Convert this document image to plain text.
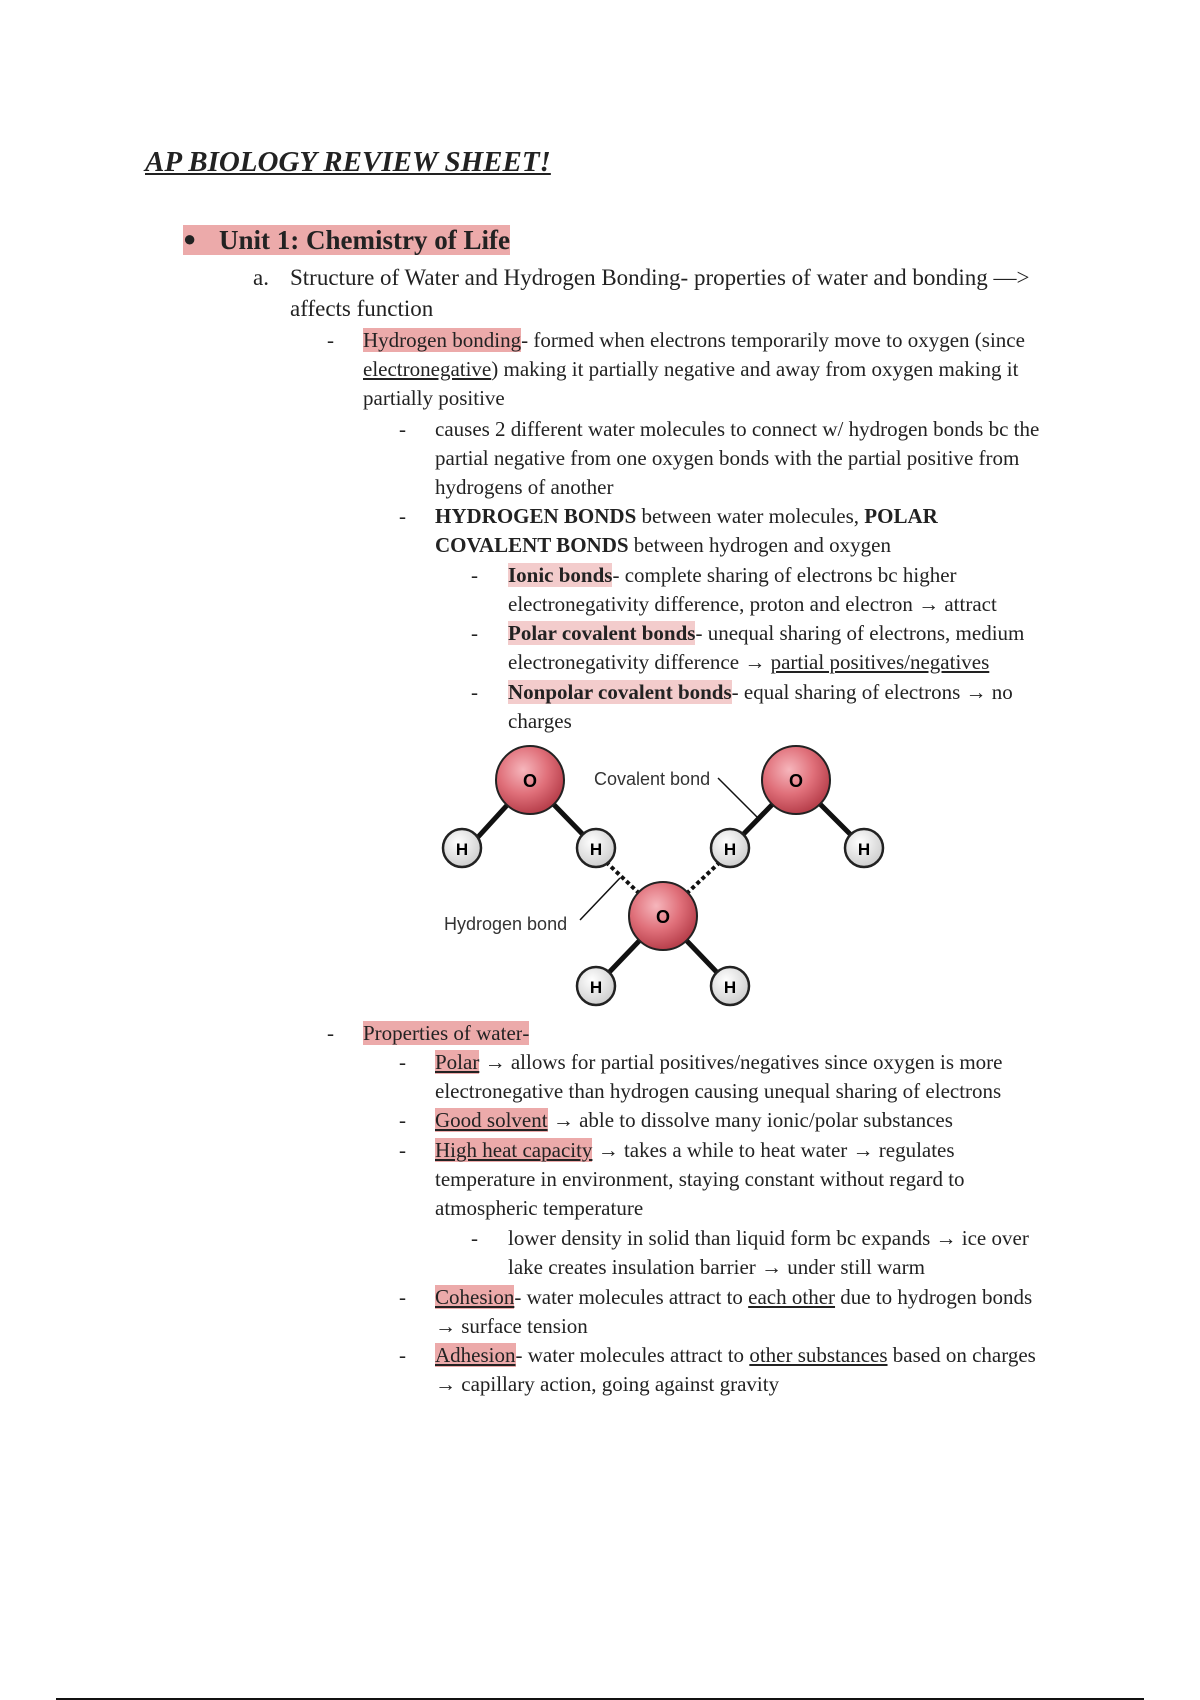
AP BIOLOGY REVIEW SHEET!
● Unit 1: Chemistry of Life
a. Structure of Water and Hydrogen Bonding- properties of water and bonding —>
affects function
- Hydrogen bonding- formed when electrons temporarily move to oxygen (since
electronegative) making it partially negative and away from oxygen making it
partially positive
- causes 2 different water molecules to connect w/ hydrogen bonds bc the
partial negative from one oxygen bonds with the partial positive from
hydrogens of another
- HYDROGEN BONDS between water molecules, POLAR
COVALENT BONDS between hydrogen and oxygen
- Ionic bonds- complete sharing of electrons bc higher
electronegativity difference, proton and electron → attract
- Polar covalent bonds- unequal sharing of electrons, medium
electronegativity difference → partial positives/negatives
- Nonpolar covalent bonds- equal sharing of electrons → no
charges
O	O
O
H	H	H	H
H	H
Covalent bond
Hydrogen bond
- Properties of water-
- Polar → allows for partial positives/negatives since oxygen is more
electronegative than hydrogen causing unequal sharing of electrons
- Good solvent → able to dissolve many ionic/polar substances
- High heat capacity → takes a while to heat water → regulates
temperature in environment, staying constant without regard to
atmospheric temperature
- lower density in solid than liquid form bc expands → ice over
lake creates insulation barrier → under still warm
- Cohesion- water molecules attract to each other due to hydrogen bonds
→ surface tension
- Adhesion- water molecules attract to other substances based on charges
→ capillary action, going against gravity
